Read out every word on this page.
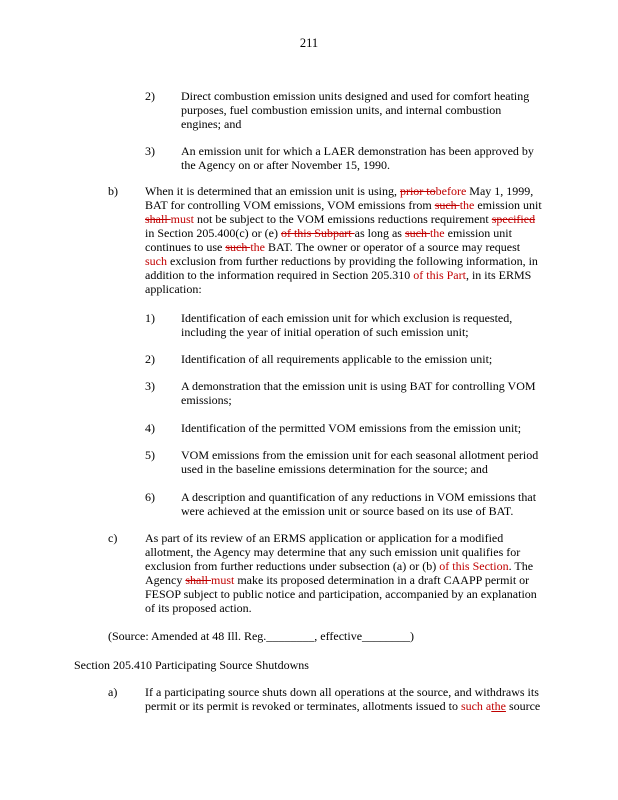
211
2) Direct combustion emission units designed and used for comfort heating purposes, fuel combustion emission units, and internal combustion engines; and
3) An emission unit for which a LAER demonstration has been approved by the Agency on or after November 15, 1990.
b) When it is determined that an emission unit is using, prior tobefore May 1, 1999, BAT for controlling VOM emissions, VOM emissions from such the emission unit shall must not be subject to the VOM emissions reductions requirement specified in Section 205.400(c) or (e) of this Subpart as long as such the emission unit continues to use such the BAT. The owner or operator of a source may request such exclusion from further reductions by providing the following information, in addition to the information required in Section 205.310 of this Part, in its ERMS application:
1) Identification of each emission unit for which exclusion is requested, including the year of initial operation of such emission unit;
2) Identification of all requirements applicable to the emission unit;
3) A demonstration that the emission unit is using BAT for controlling VOM emissions;
4) Identification of the permitted VOM emissions from the emission unit;
5) VOM emissions from the emission unit for each seasonal allotment period used in the baseline emissions determination for the source; and
6) A description and quantification of any reductions in VOM emissions that were achieved at the emission unit or source based on its use of BAT.
c) As part of its review of an ERMS application or application for a modified allotment, the Agency may determine that any such emission unit qualifies for exclusion from further reductions under subsection (a) or (b) of this Section. The Agency shall must make its proposed determination in a draft CAAPP permit or FESOP subject to public notice and participation, accompanied by an explanation of its proposed action.
(Source: Amended at 48 Ill. Reg.________, effective________)
Section 205.410 Participating Source Shutdowns
a) If a participating source shuts down all operations at the source, and withdraws its permit or its permit is revoked or terminates, allotments issued to such athe source
